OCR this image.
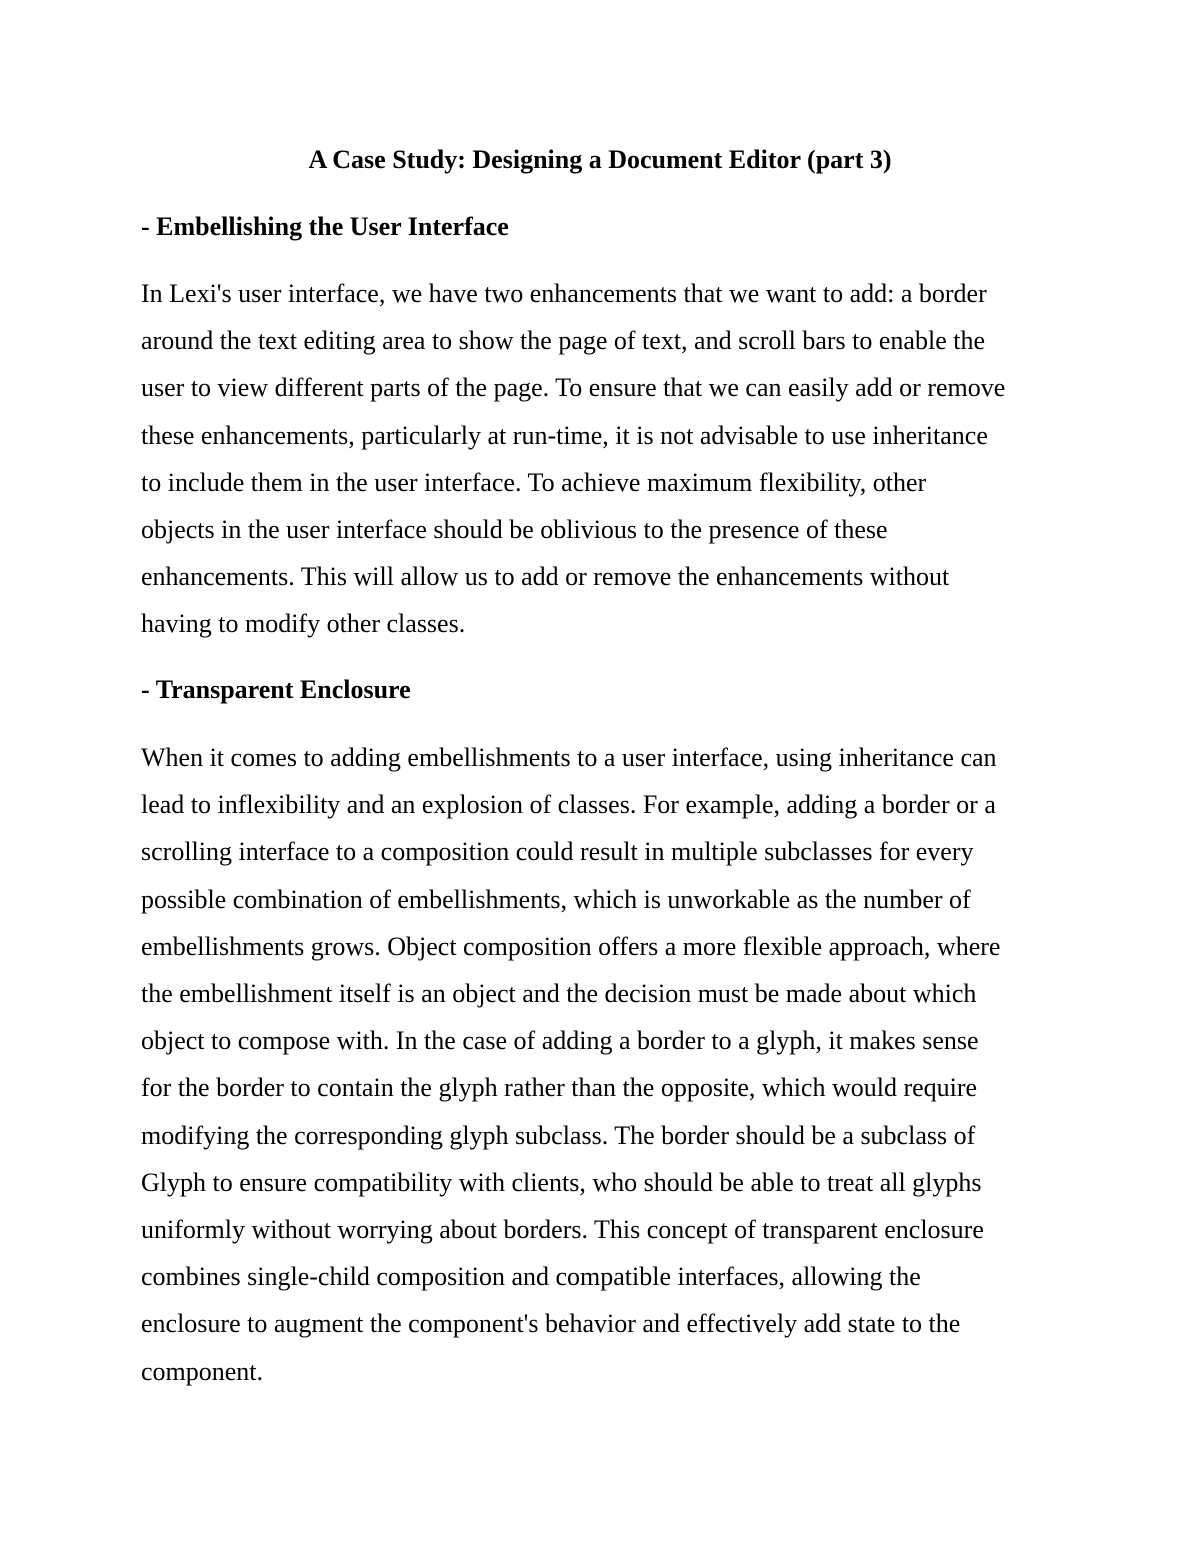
A Case Study: Designing a Document Editor (part 3)
- Embellishing the User Interface

In Lexi's user interface, we have two enhancements that we want to add: a border
around the text editing area to show the page of text, and scroll bars to enable the
user to view different parts of the page. To ensure that we can easily add or remove
these enhancements, particularly at run-time, it is not advisable to use inheritance
to include them in the user interface. To achieve maximum flexibility, other
objects in the user interface should be oblivious to the presence of these
enhancements. This will allow us to add or remove the enhancements without
having to modify other classes.

- Transparent Enclosure

When it comes to adding embellishments to a user interface, using inheritance can
lead to inflexibility and an explosion of classes. For example, adding a border or a
scrolling interface to a composition could result in multiple subclasses for every
possible combination of embellishments, which is unworkable as the number of
embellishments grows. Object composition offers a more flexible approach, where
the embellishment itself is an object and the decision must be made about which
object to compose with. In the case of adding a border to a glyph, it makes sense
for the border to contain the glyph rather than the opposite, which would require
modifying the corresponding glyph subclass. The border should be a subclass of
Glyph to ensure compatibility with clients, who should be able to treat all glyphs
uniformly without worrying about borders. This concept of transparent enclosure
combines single-child composition and compatible interfaces, allowing the
enclosure to augment the component's behavior and effectively add state to the
component.
